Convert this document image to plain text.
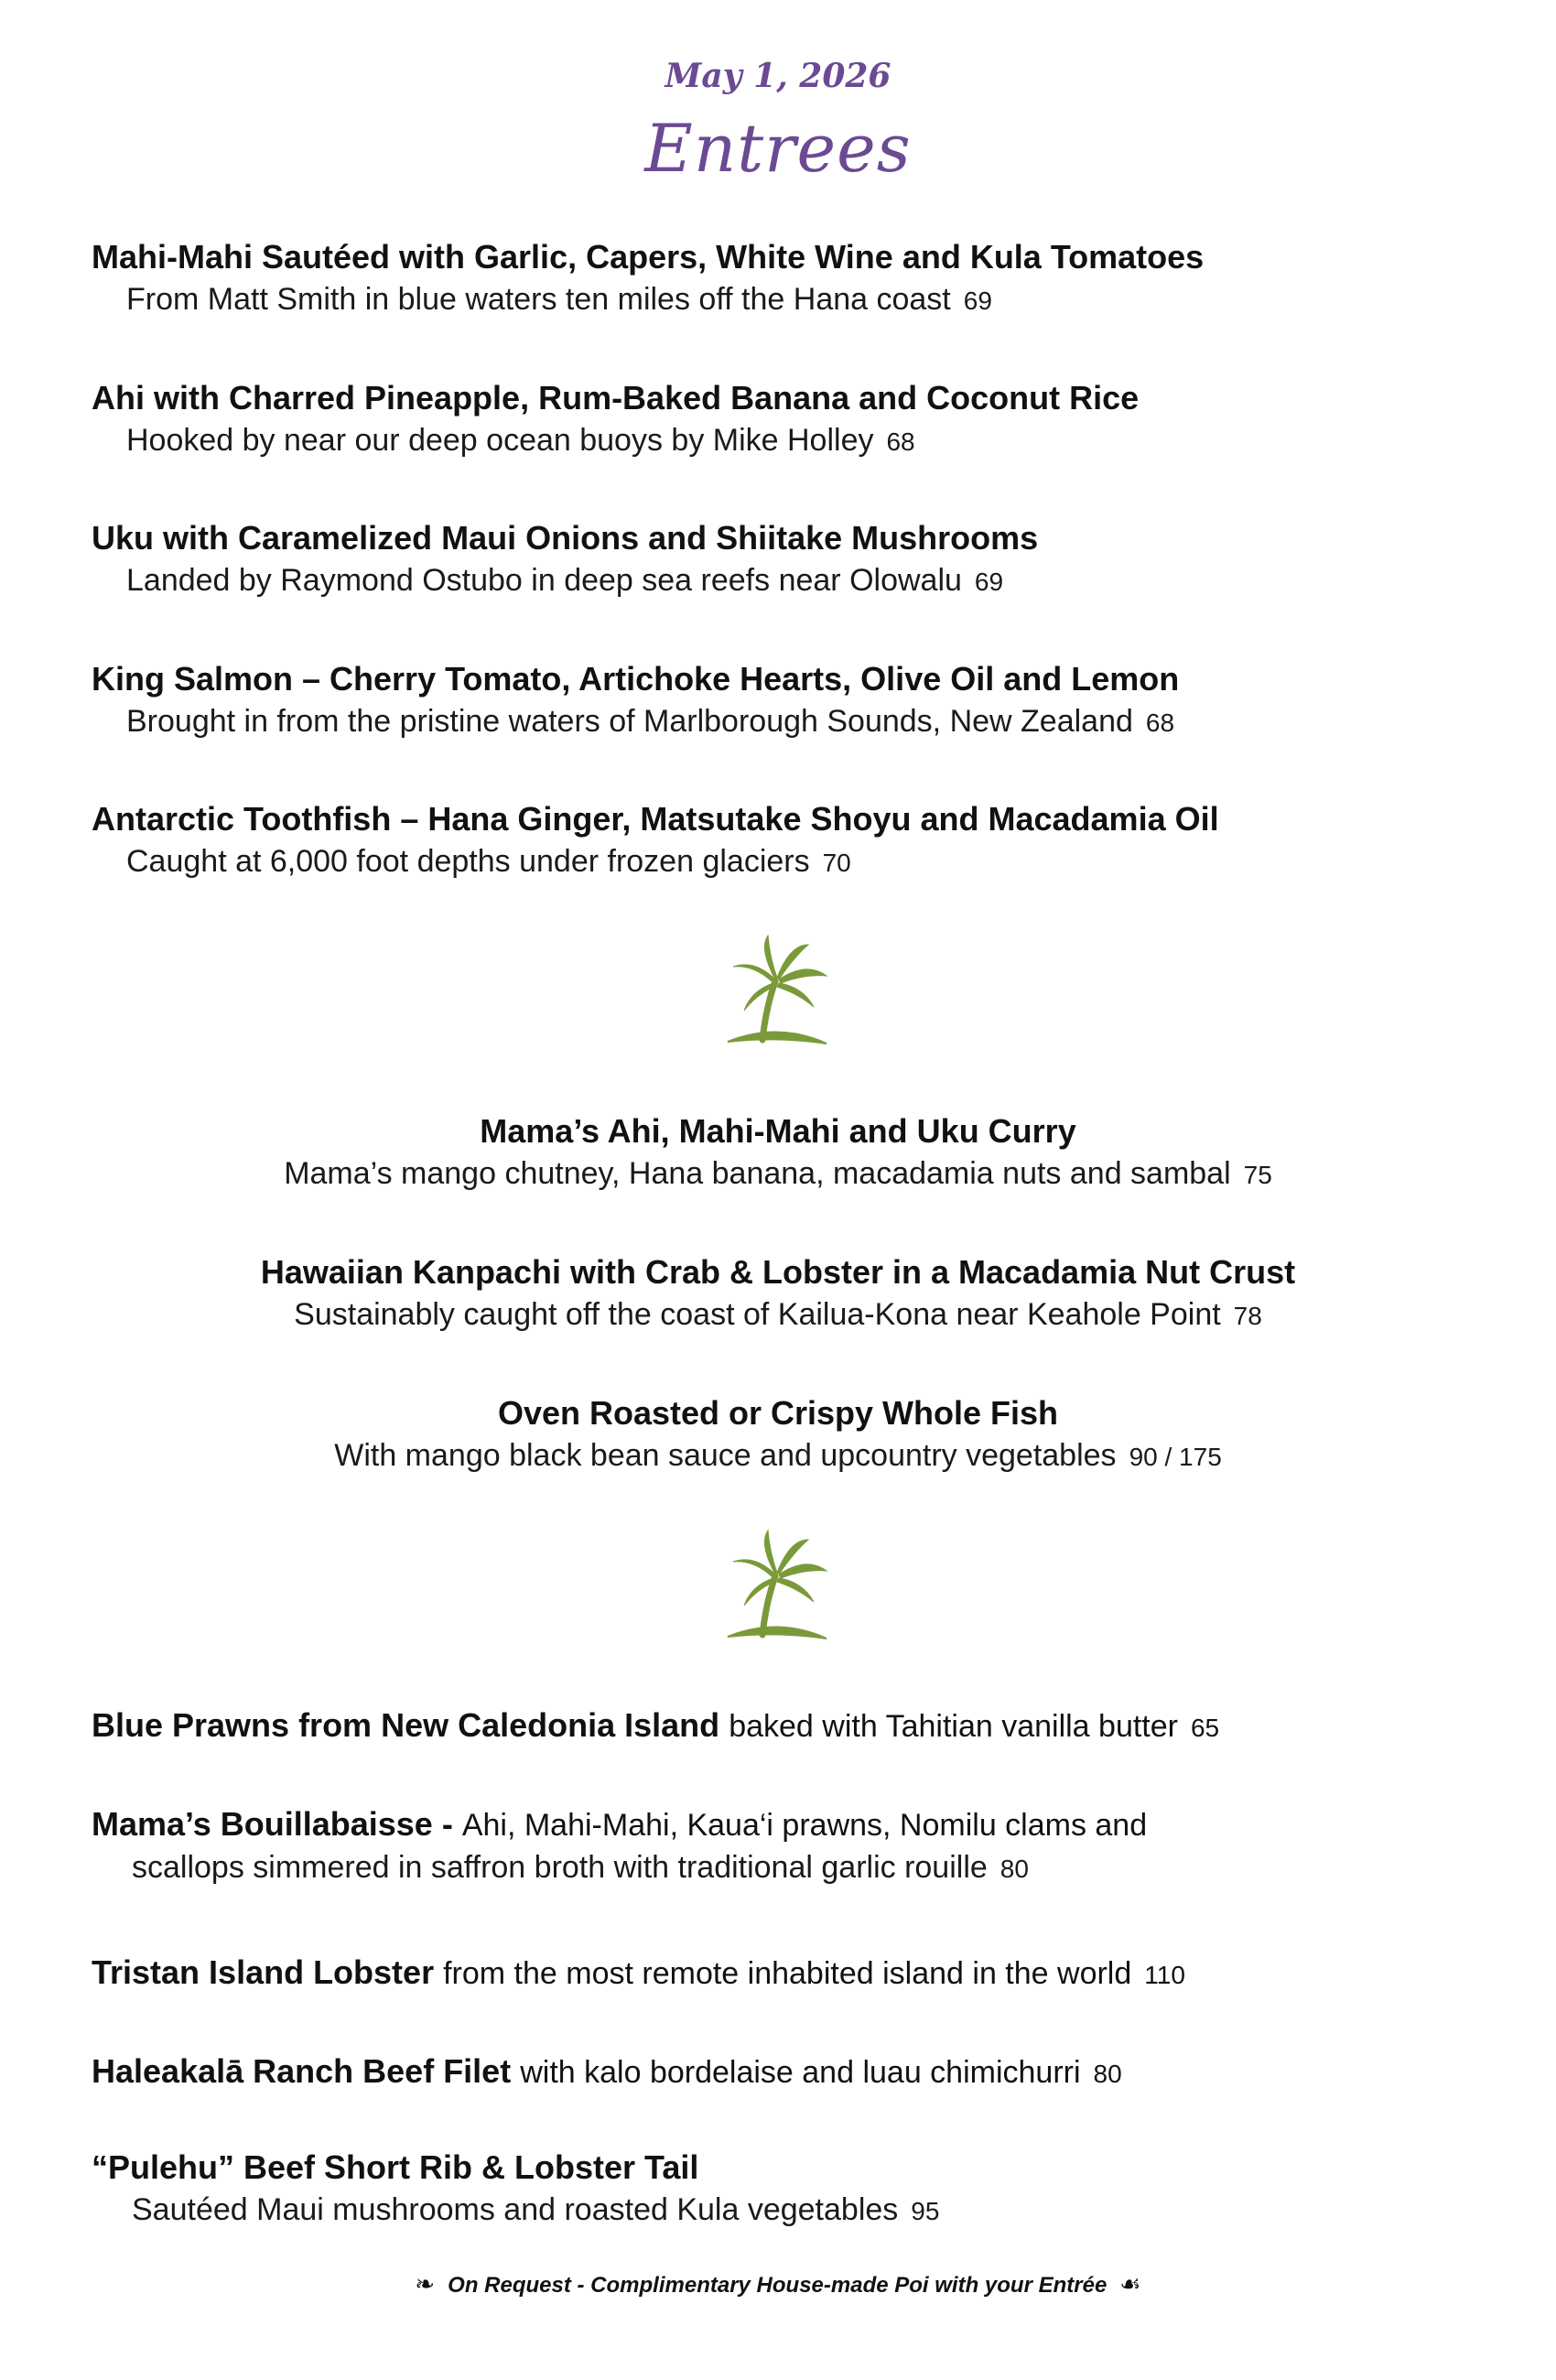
May 1, 2026
Entrees
Mahi-Mahi Sautéed with Garlic, Capers, White Wine and Kula Tomatoes
From Matt Smith in blue waters ten miles off the Hana coast 69
Ahi with Charred Pineapple, Rum-Baked Banana and Coconut Rice
Hooked by near our deep ocean buoys by Mike Holley 68
Uku with Caramelized Maui Onions and Shiitake Mushrooms
Landed by Raymond Ostubo in deep sea reefs near Olowalu 69
King Salmon – Cherry Tomato, Artichoke Hearts, Olive Oil and Lemon
Brought in from the pristine waters of Marlborough Sounds, New Zealand 68
Antarctic Toothfish – Hana Ginger, Matsutake Shoyu and Macadamia Oil
Caught at 6,000 foot depths under frozen glaciers 70
Mama’s Ahi, Mahi-Mahi and Uku Curry
Mama’s mango chutney, Hana banana, macadamia nuts and sambal 75
Hawaiian Kanpachi with Crab & Lobster in a Macadamia Nut Crust
Sustainably caught off the coast of Kailua-Kona near Keahole Point 78
Oven Roasted or Crispy Whole Fish
With mango black bean sauce and upcountry vegetables 90 / 175
Blue Prawns from New Caledonia Island baked with Tahitian vanilla butter 65
Mama’s Bouillabaisse - Ahi, Mahi-Mahi, Kaua‘i prawns, Nomilu clams and
scallops simmered in saffron broth with traditional garlic rouille 80
Tristan Island Lobster from the most remote inhabited island in the world 110
Haleakalā Ranch Beef Filet with kalo bordelaise and luau chimichurri 80
“Pulehu” Beef Short Rib & Lobster Tail
Sautéed Maui mushrooms and roasted Kula vegetables 95
❧ On Request - Complimentary House-made Poi with your Entrée ☙
